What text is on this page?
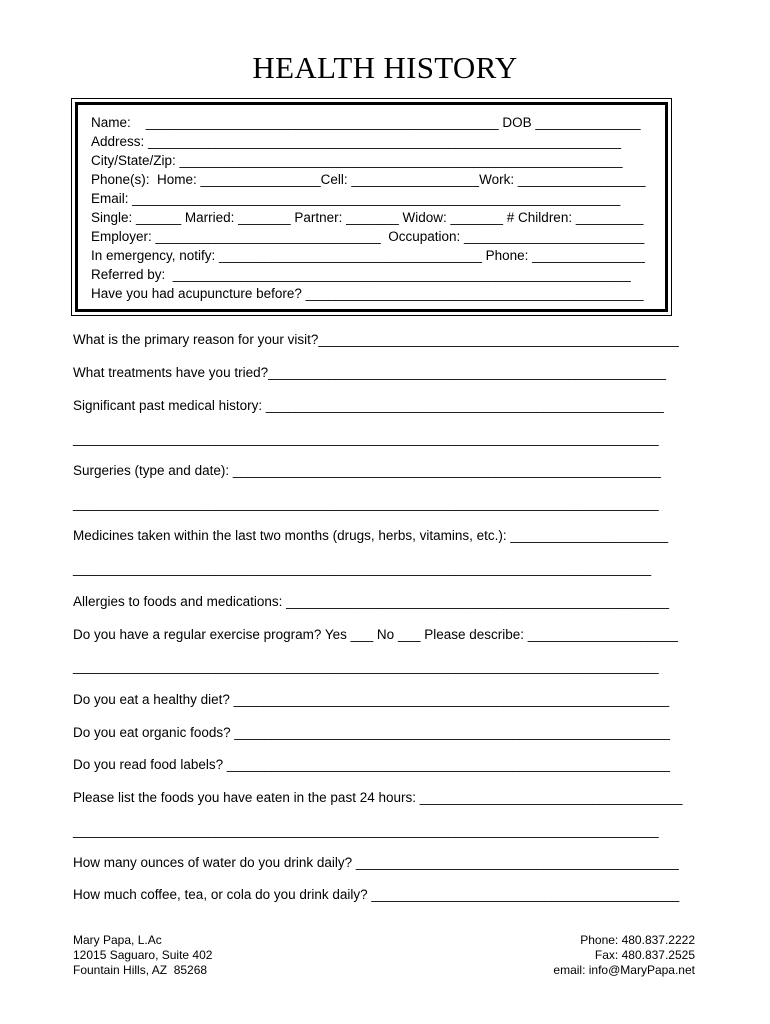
HEALTH HISTORY
Name:    _______________________________________________ DOB ______________
Address: _______________________________________________________________
City/State/Zip: ___________________________________________________________
Phone(s):  Home: ________________Cell: _________________Work: _________________
Email: _________________________________________________________________
Single: ______ Married: _______ Partner: _______ Widow: _______ # Children: _________
Employer: ______________________________  Occupation: ________________________
In emergency, notify: ___________________________________ Phone: _______________
Referred by:  _____________________________________________________________
Have you had acupuncture before? _____________________________________________
What is the primary reason for your visit?________________________________________________
What treatments have you tried?_____________________________________________________
Significant past medical history: _____________________________________________________
______________________________________________________________________________
Surgeries (type and date): _________________________________________________________
______________________________________________________________________________
Medicines taken within the last two months (drugs, herbs, vitamins, etc.): _____________________
_____________________________________________________________________________
Allergies to foods and medications: ___________________________________________________
Do you have a regular exercise program? Yes ___ No ___ Please describe: ____________________
______________________________________________________________________________
Do you eat a healthy diet? __________________________________________________________
Do you eat organic foods? __________________________________________________________
Do you read food labels? ___________________________________________________________
Please list the foods you have eaten in the past 24 hours: ___________________________________
______________________________________________________________________________
How many ounces of water do you drink daily? ___________________________________________
How much coffee, tea, or cola do you drink daily? _________________________________________
Mary Papa, L.Ac
12015 Saguaro, Suite 402
Fountain Hills, AZ  85268
Phone: 480.837.2222
Fax: 480.837.2525
email: info@MaryPapa.net
